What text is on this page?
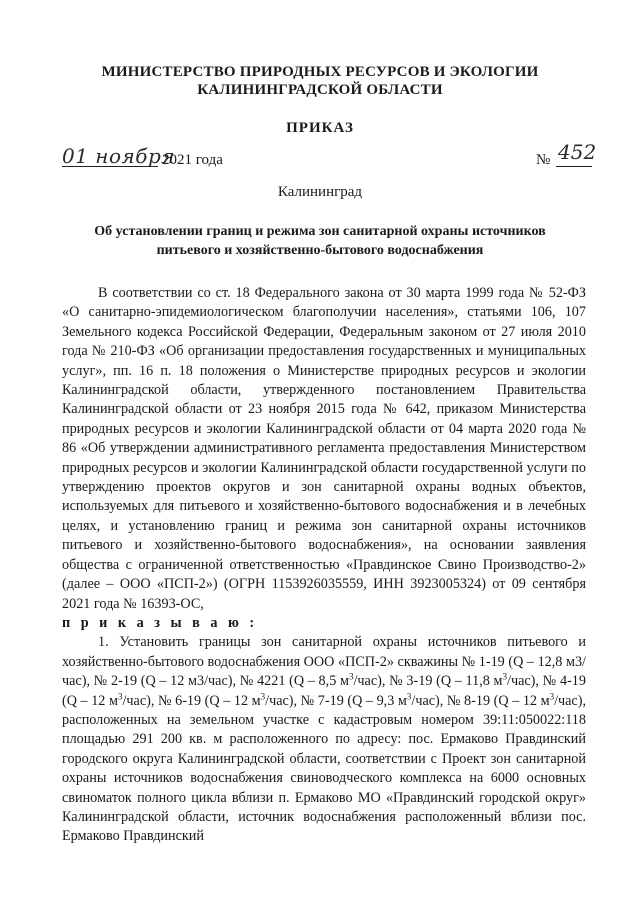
МИНИСТЕРСТВО ПРИРОДНЫХ РЕСУРСОВ И ЭКОЛОГИИ
КАЛИНИНГРАДСКОЙ ОБЛАСТИ
ПРИКАЗ
01 ноября
2021 года	№ 452
Калининград
Об установлении границ и режима зон санитарной охраны источников
питьевого и хозяйственно-бытового водоснабжения

В соответствии со ст. 18 Федерального закона от 30 марта 1999 года № 52-ФЗ «О санитарно-эпидемиологическом благополучии населения», статьями 106, 107 Земельного кодекса Российской Федерации, Федеральным законом от 27 июля 2010 года № 210-ФЗ «Об организации предоставления государственных и муниципальных услуг», пп. 16 п. 18 положения о Министерстве природных ресурсов и экологии Калининградской области, утвержденного постановлением Правительства Калининградской области от 23 ноября 2015 года № 642, приказом Министерства природных ресурсов и экологии Калининградской области от 04 марта 2020 года № 86 «Об утверждении административного регламента предоставления Министерством природных ресурсов и экологии Калининградской области государственной услуги по утверждению проектов округов и зон санитарной охраны водных объектов, используемых для питьевого и хозяйственно-бытового водоснабжения и в лечебных целях, и установлению границ и режима зон санитарной охраны источников питьевого и хозяйственно-бытового водоснабжения», на основании заявления общества с ограниченной ответственностью «Правдинское Свино Производство-2» (далее – ООО «ПСП-2») (ОГРН 1153926035559, ИНН 3923005324) от 09 сентября 2021 года № 16393-ОС,

п р и к а з ы в а ю :

1. Установить границы зон санитарной охраны источников питьевого и хозяйственно-бытового водоснабжения ООО «ПСП-2» скважины № 1-19 (Q – 12,8 м3/час), № 2-19 (Q – 12 м3/час), № 4221 (Q – 8,5 $м^3/час$), № 3-19 (Q – 11,8 $м^3/час$), № 4-19 (Q – 12 $м^3/час$), № 6-19 (Q – 12 $м^3/час$), № 7-19 (Q – 9,3 $м^3/час$), № 8-19 (Q – 12 $м^3/час$), расположенных на земельном участке с кадастровым номером 39:11:050022:118 площадью 291 200 кв. м расположенного по адресу: пос. Ермаково Правдинский городского округа Калининградской области, соответствии с Проект зон санитарной охраны источников водоснабжения свиноводческого комплекса на 6000 основных свиноматок полного цикла вблизи п. Ермаково МО «Правдинский городской округ» Калининградской области, источник водоснабжения расположенный вблизи пос. Ермаково Правдинский
